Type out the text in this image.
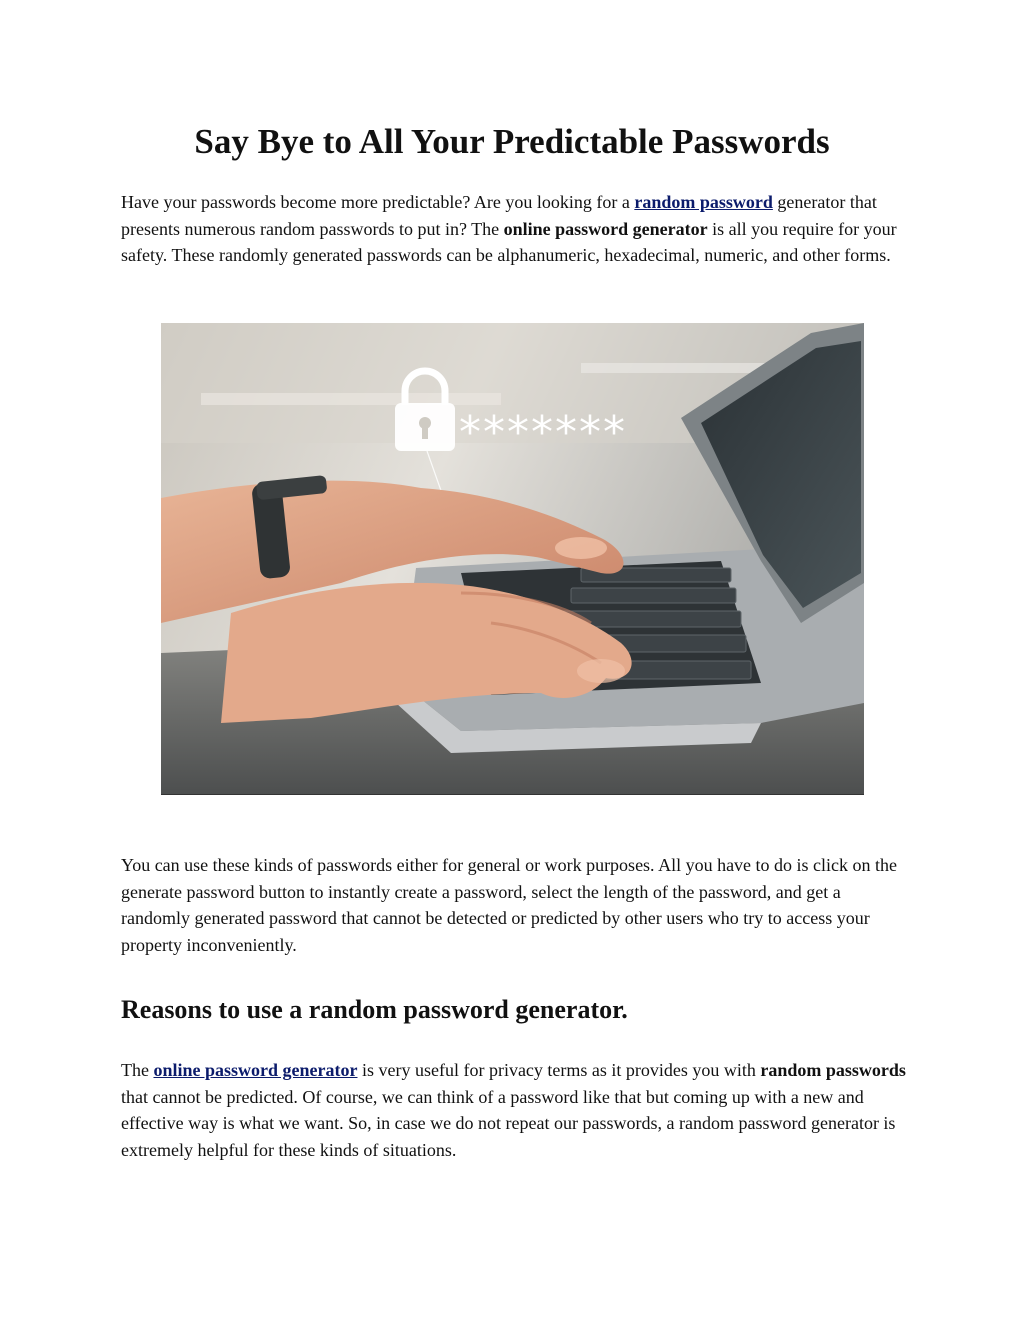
Say Bye to All Your Predictable Passwords

Have your passwords become more predictable? Are you looking for a random password generator that presents numerous random passwords to put in? The online password generator is all you require for your safety. These randomly generated passwords can be alphanumeric, hexadecimal, numeric, and other forms.

*******

You can use these kinds of passwords either for general or work purposes. All you have to do is click on the generate password button to instantly create a password, select the length of the password, and get a randomly generated password that cannot be detected or predicted by other users who try to access your property inconveniently.

Reasons to use a random password generator.

The online password generator is very useful for privacy terms as it provides you with random passwords that cannot be predicted. Of course, we can think of a password like that but coming up with a new and effective way is what we want. So, in case we do not repeat our passwords, a random password generator is extremely helpful for these kinds of situations.
